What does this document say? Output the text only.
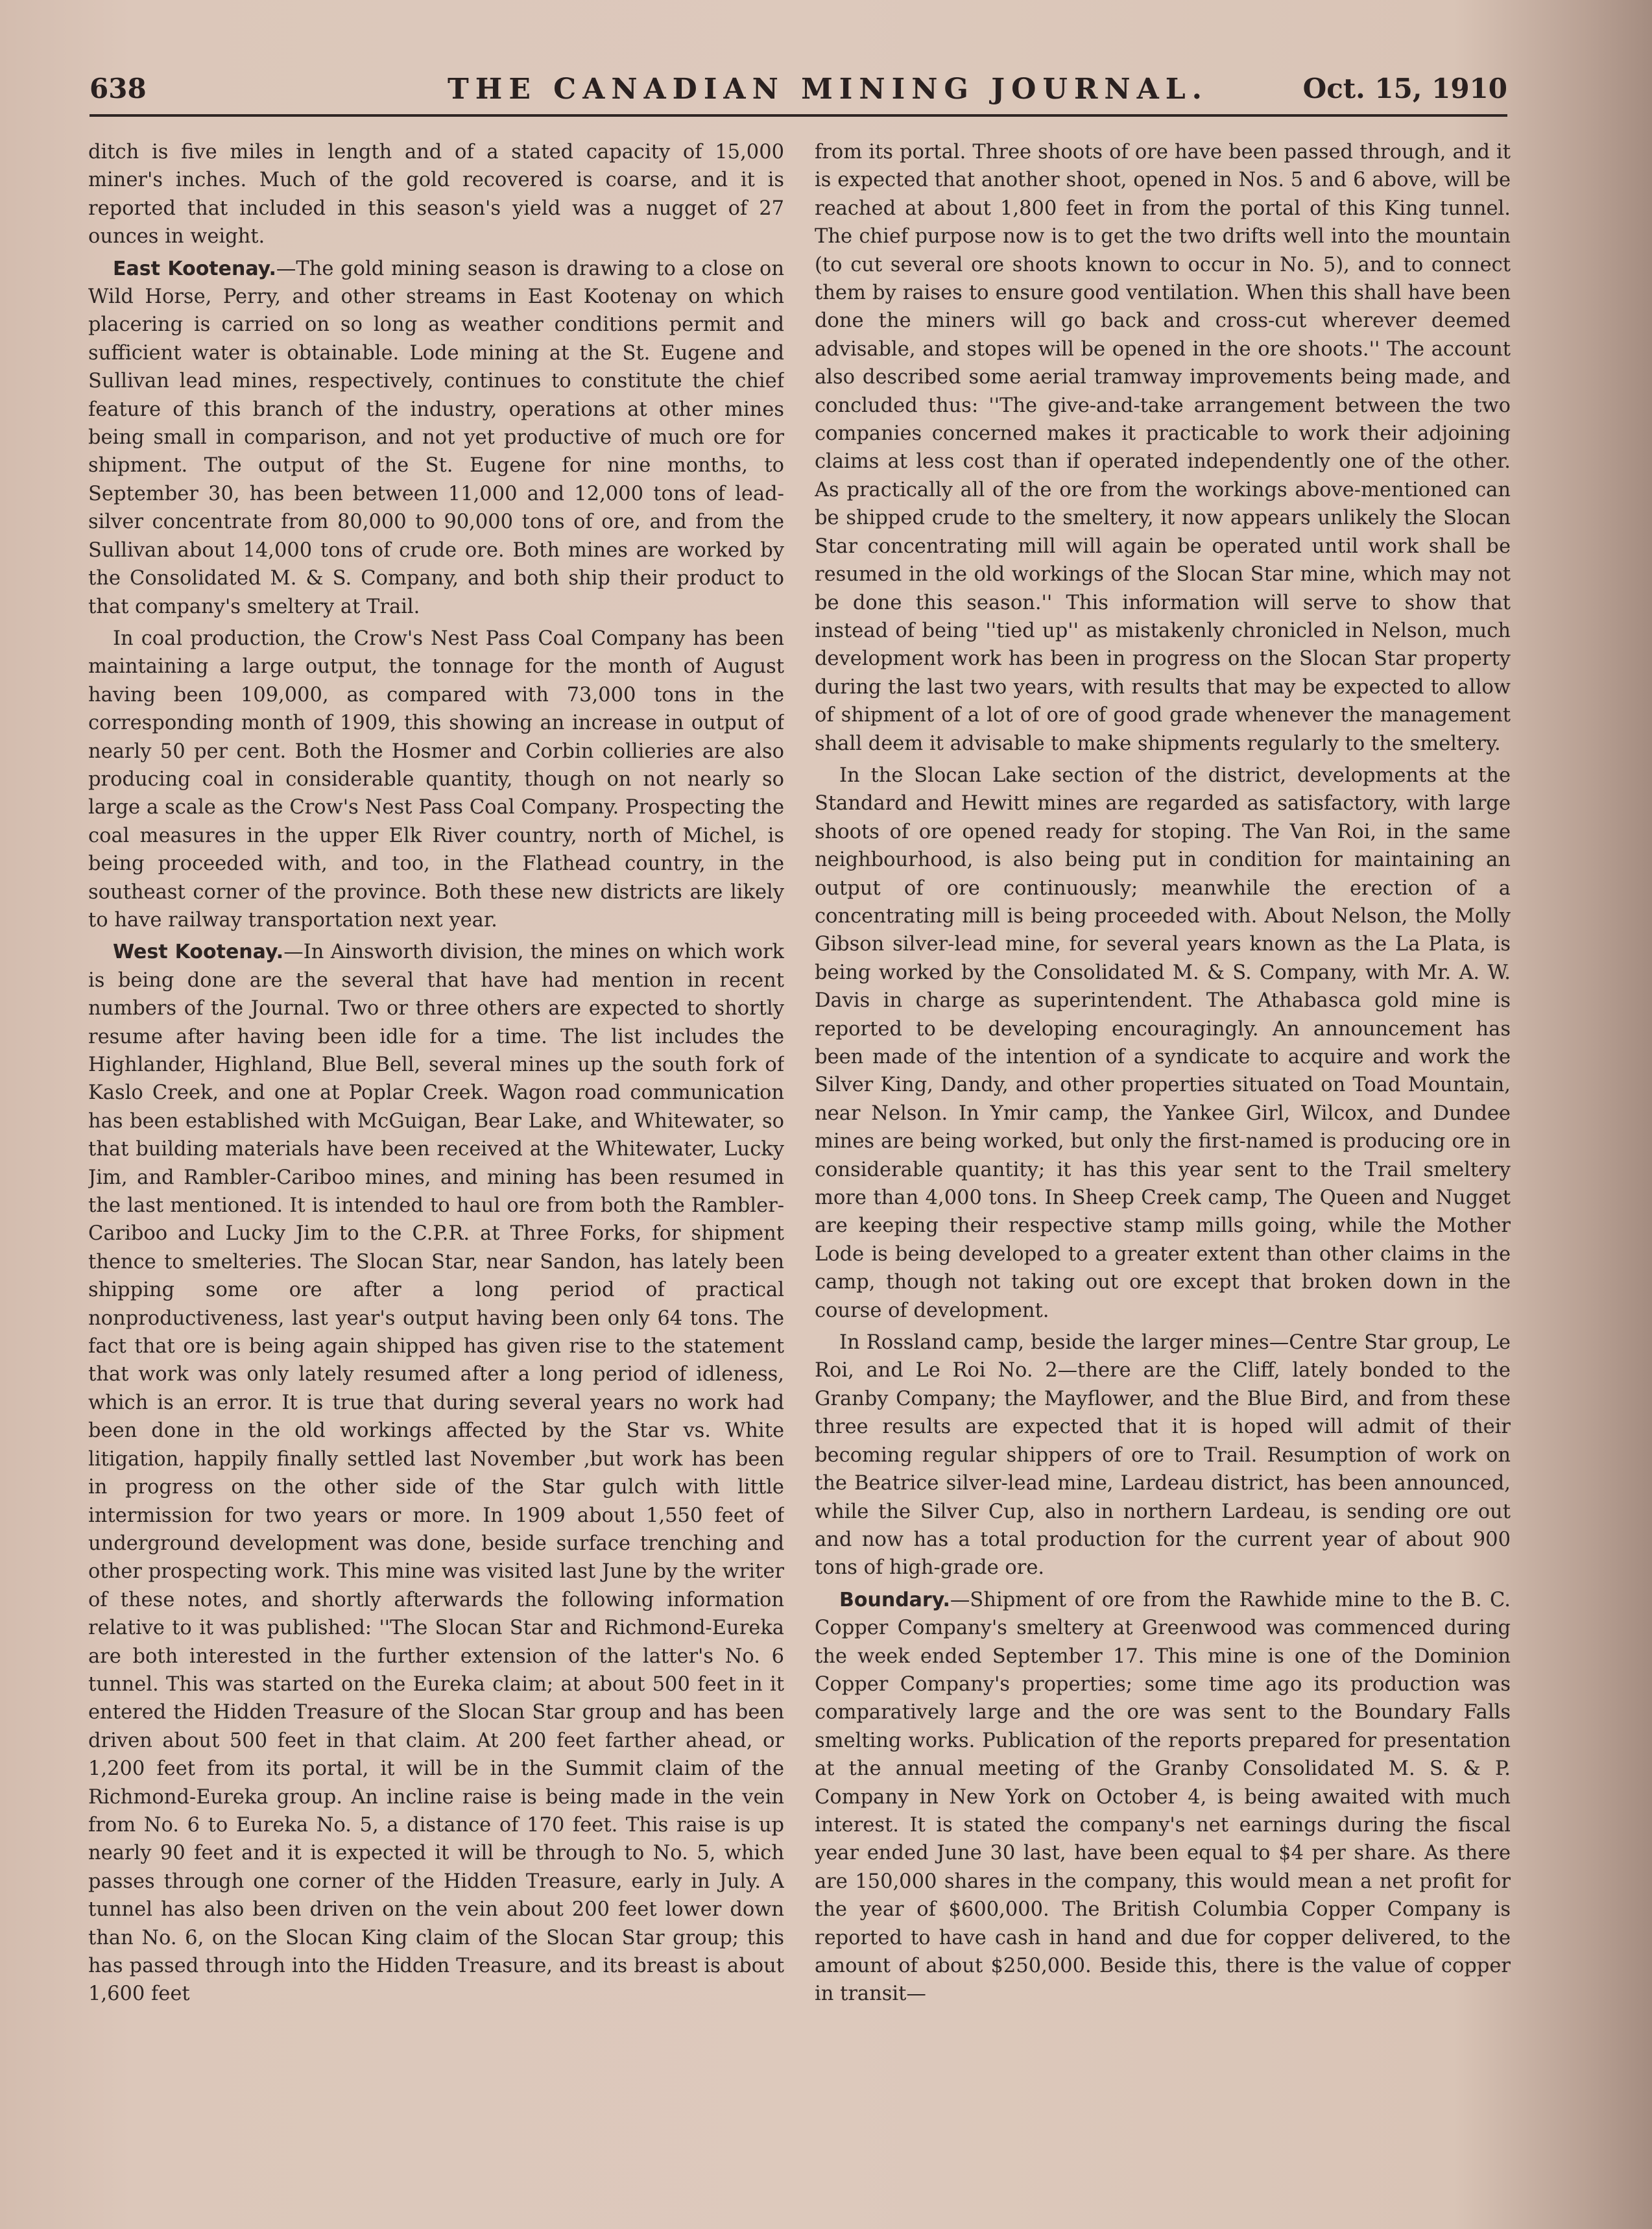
638	THE CANADIAN MINING JOURNAL.	Oct. 15, 1910

ditch is five miles in length and of a stated capacity of 15,000 miner's inches. Much of the gold recovered is coarse, and it is reported that included in this season's yield was a nugget of 27 ounces in weight.

East Kootenay.—The gold mining season is drawing to a close on Wild Horse, Perry, and other streams in East Kootenay on which placering is carried on so long as weather conditions permit and sufficient water is obtainable. Lode mining at the St. Eugene and Sullivan lead mines, respectively, continues to constitute the chief feature of this branch of the industry, operations at other mines being small in comparison, and not yet productive of much ore for shipment. The output of the St. Eugene for nine months, to September 30, has been between 11,000 and 12,000 tons of lead-silver concentrate from 80,000 to 90,000 tons of ore, and from the Sullivan about 14,000 tons of crude ore. Both mines are worked by the Consolidated M. & S. Company, and both ship their product to that company's smeltery at Trail.

In coal production, the Crow's Nest Pass Coal Company has been maintaining a large output, the tonnage for the month of August having been 109,000, as compared with 73,000 tons in the corresponding month of 1909, this showing an increase in output of nearly 50 per cent. Both the Hosmer and Corbin collieries are also producing coal in considerable quantity, though on not nearly so large a scale as the Crow's Nest Pass Coal Company. Prospecting the coal measures in the upper Elk River country, north of Michel, is being proceeded with, and too, in the Flathead country, in the southeast corner of the province. Both these new districts are likely to have railway transportation next year.

West Kootenay.—In Ainsworth division, the mines on which work is being done are the several that have had mention in recent numbers of the Journal. Two or three others are expected to shortly resume after having been idle for a time. The list includes the Highlander, Highland, Blue Bell, several mines up the south fork of Kaslo Creek, and one at Poplar Creek. Wagon road communication has been established with McGuigan, Bear Lake, and Whitewater, so that building materials have been received at the Whitewater, Lucky Jim, and Rambler-Cariboo mines, and mining has been resumed in the last mentioned. It is intended to haul ore from both the Rambler-Cariboo and Lucky Jim to the C.P.R. at Three Forks, for shipment thence to smelteries. The Slocan Star, near Sandon, has lately been shipping some ore after a long period of practical nonproductiveness, last year's output having been only 64 tons. The fact that ore is being again shipped has given rise to the statement that work was only lately resumed after a long period of idleness, which is an error. It is true that during several years no work had been done in the old workings affected by the Star vs. White litigation, happily finally settled last November ,but work has been in progress on the other side of the Star gulch with little intermission for two years or more. In 1909 about 1,550 feet of underground development was done, beside surface trenching and other prospecting work. This mine was visited last June by the writer of these notes, and shortly afterwards the following information relative to it was published: ''The Slocan Star and Richmond-Eureka are both interested in the further extension of the latter's No. 6 tunnel. This was started on the Eureka claim; at about 500 feet in it entered the Hidden Treasure of the Slocan Star group and has been driven about 500 feet in that claim. At 200 feet farther ahead, or 1,200 feet from its portal, it will be in the Summit claim of the Richmond-Eureka group. An incline raise is being made in the vein from No. 6 to Eureka No. 5, a distance of 170 feet. This raise is up nearly 90 feet and it is expected it will be through to No. 5, which passes through one corner of the Hidden Treasure, early in July. A tunnel has also been driven on the vein about 200 feet lower down than No. 6, on the Slocan King claim of the Slocan Star group; this has passed through into the Hidden Treasure, and its breast is about 1,600 feet

from its portal. Three shoots of ore have been passed through, and it is expected that another shoot, opened in Nos. 5 and 6 above, will be reached at about 1,800 feet in from the portal of this King tunnel. The chief purpose now is to get the two drifts well into the mountain (to cut several ore shoots known to occur in No. 5), and to connect them by raises to ensure good ventilation. When this shall have been done the miners will go back and cross-cut wherever deemed advisable, and stopes will be opened in the ore shoots.'' The account also described some aerial tramway improvements being made, and concluded thus: ''The give-and-take arrangement between the two companies concerned makes it practicable to work their adjoining claims at less cost than if operated independently one of the other. As practically all of the ore from the workings above-mentioned can be shipped crude to the smeltery, it now appears unlikely the Slocan Star concentrating mill will again be operated until work shall be resumed in the old workings of the Slocan Star mine, which may not be done this season.'' This information will serve to show that instead of being ''tied up'' as mistakenly chronicled in Nelson, much development work has been in progress on the Slocan Star property during the last two years, with results that may be expected to allow of shipment of a lot of ore of good grade whenever the management shall deem it advisable to make shipments regularly to the smeltery.

In the Slocan Lake section of the district, developments at the Standard and Hewitt mines are regarded as satisfactory, with large shoots of ore opened ready for stoping. The Van Roi, in the same neighbourhood, is also being put in condition for maintaining an output of ore continuously; meanwhile the erection of a concentrating mill is being proceeded with. About Nelson, the Molly Gibson silver-lead mine, for several years known as the La Plata, is being worked by the Consolidated M. & S. Company, with Mr. A. W. Davis in charge as superintendent. The Athabasca gold mine is reported to be developing encouragingly. An announcement has been made of the intention of a syndicate to acquire and work the Silver King, Dandy, and other properties situated on Toad Mountain, near Nelson. In Ymir camp, the Yankee Girl, Wilcox, and Dundee mines are being worked, but only the first-named is producing ore in considerable quantity; it has this year sent to the Trail smeltery more than 4,000 tons. In Sheep Creek camp, The Queen and Nugget are keeping their respective stamp mills going, while the Mother Lode is being developed to a greater extent than other claims in the camp, though not taking out ore except that broken down in the course of development.

In Rossland camp, beside the larger mines—Centre Star group, Le Roi, and Le Roi No. 2—there are the Cliff, lately bonded to the Granby Company; the Mayflower, and the Blue Bird, and from these three results are expected that it is hoped will admit of their becoming regular shippers of ore to Trail. Resumption of work on the Beatrice silver-lead mine, Lardeau district, has been announced, while the Silver Cup, also in northern Lardeau, is sending ore out and now has a total production for the current year of about 900 tons of high-grade ore.

Boundary.—Shipment of ore from the Rawhide mine to the B. C. Copper Company's smeltery at Greenwood was commenced during the week ended September 17. This mine is one of the Dominion Copper Company's properties; some time ago its production was comparatively large and the ore was sent to the Boundary Falls smelting works. Publication of the reports prepared for presentation at the annual meeting of the Granby Consolidated M. S. & P. Company in New York on October 4, is being awaited with much interest. It is stated the company's net earnings during the fiscal year ended June 30 last, have been equal to $4 per share. As there are 150,000 shares in the company, this would mean a net profit for the year of $600,000. The British Columbia Copper Company is reported to have cash in hand and due for copper delivered, to the amount of about $250,000. Beside this, there is the value of copper in transit—
